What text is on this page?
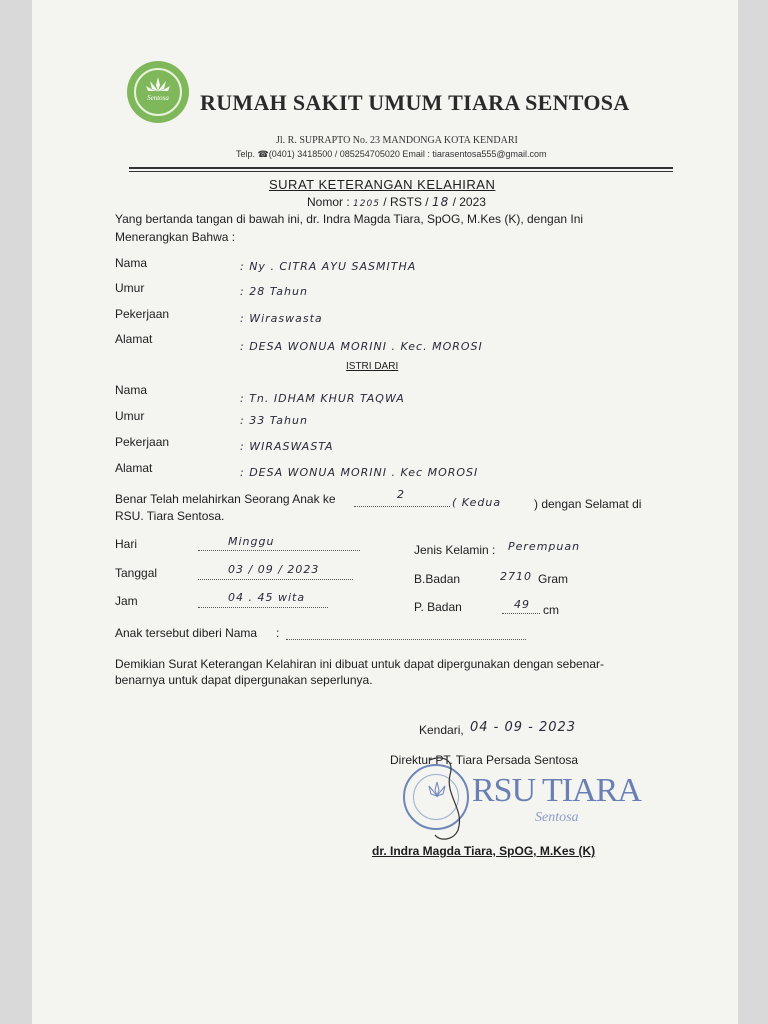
Sentosa	RUMAH SAKIT UMUM TIARA SENTOSA
Jl. R. SUPRAPTO No. 23 MANDONGA KOTA KENDARI
Telp. ☎(0401) 3418500 / 085254705020 Email : tiarasentosa555@gmail.com
SURAT KETERANGAN KELAHIRAN
Nomor : 1205 / RSTS / 18 / 2023
Yang bertanda tangan di bawah ini, dr. Indra Magda Tiara, SpOG, M.Kes (K), dengan Ini
Menerangkan Bahwa :
Nama	: Ny . CITRA AYU SASMITHA
Umur	: 28 Tahun
Pekerjaan	: Wiraswasta
Alamat
: DESA WONUA MORINI . Kec. MOROSI
ISTRI DARI
Nama
: Tn. IDHAM KHUR TAQWA
Umur	: 33 Tahun
Pekerjaan	: WIRASWASTA
Alamat	: DESA WONUA MORINI . Kec MOROSI
Benar Telah melahirkan Seorang Anak ke	2
( Kedua	) dengan Selamat di
RSU. Tiara Sentosa.
Hari	Minggu
Tanggal	03 / 09 / 2023
Jam	04 . 45 wita
Jenis Kelamin : Perempuan
B.Badan	2710 Gram
P. Badan	49 cm
Anak tersebut diberi Nama :
Demikian Surat Keterangan Kelahiran ini dibuat untuk dapat dipergunakan dengan sebenar-
benarnya untuk dapat dipergunakan seperlunya.
Kendari, 04 - 09 - 2023
Direktur PT. Tiara Persada Sentosa
RSU TIARA
Sentosa
dr. Indra Magda Tiara, SpOG, M.Kes (K)
